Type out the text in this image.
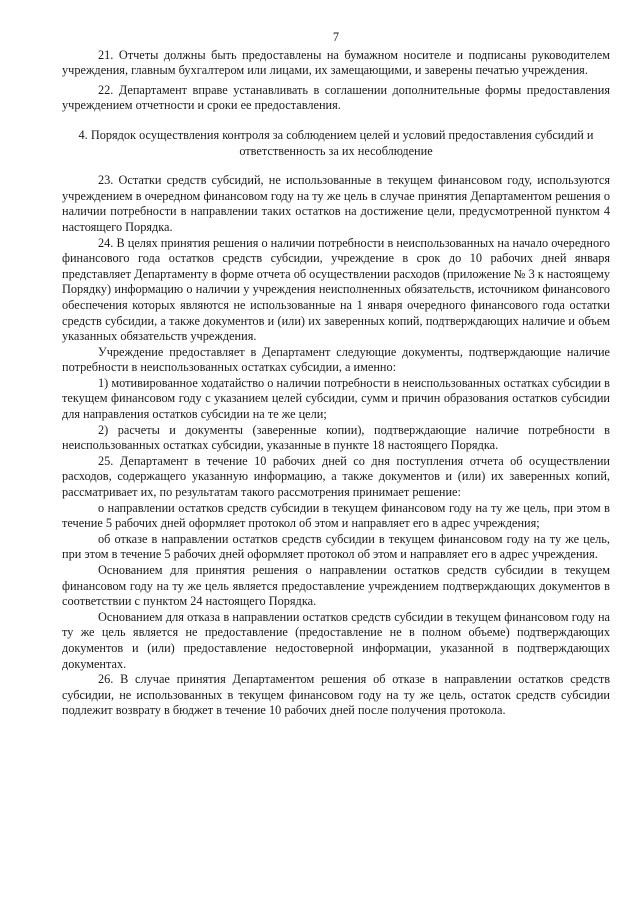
7

21. Отчеты должны быть предоставлены на бумажном носителе и подписаны руководителем учреждения, главным бухгалтером или лицами, их замещающими, и заверены печатью учреждения.

22. Департамент вправе устанавливать в соглашении дополнительные формы предоставления учреждением отчетности и сроки ее предоставления.

4. Порядок осуществления контроля за соблюдением целей и условий предоставления субсидий и ответственность за их несоблюдение

23. Остатки средств субсидий, не использованные в текущем финансовом году, используются учреждением в очередном финансовом году на ту же цель в случае принятия Департаментом решения о наличии потребности в направлении таких остатков на достижение цели, предусмотренной пунктом 4 настоящего Порядка.

24. В целях принятия решения о наличии потребности в неиспользованных на начало очередного финансового года остатков средств субсидии, учреждение в срок до 10 рабочих дней января представляет Департаменту в форме отчета об осуществлении расходов (приложение № 3 к настоящему Порядку) информацию о наличии у учреждения неисполненных обязательств, источником финансового обеспечения которых являются не использованные на 1 января очередного финансового года остатки средств субсидии, а также документов и (или) их заверенных копий, подтверждающих наличие и объем указанных обязательств учреждения.

Учреждение предоставляет в Департамент следующие документы, подтверждающие наличие потребности в неиспользованных остатках субсидии, а именно:

1) мотивированное ходатайство о наличии потребности в неиспользованных остатках субсидии в текущем финансовом году с указанием целей субсидии, сумм и причин образования остатков субсидии для направления остатков субсидии на те же цели;

2) расчеты и документы (заверенные копии), подтверждающие наличие потребности в неиспользованных остатках субсидии, указанные в пункте 18 настоящего Порядка.

25. Департамент в течение 10 рабочих дней со дня поступления отчета об осуществлении расходов, содержащего указанную информацию, а также документов и (или) их заверенных копий, рассматривает их, по результатам такого рассмотрения принимает решение:

о направлении остатков средств субсидии в текущем финансовом году на ту же цель, при этом в течение 5 рабочих дней оформляет протокол об этом и направляет его в адрес учреждения;

об отказе в направлении остатков средств субсидии в текущем финансовом году на ту же цель, при этом в течение 5 рабочих дней оформляет протокол об этом и направляет его в адрес учреждения.

Основанием для принятия решения о направлении остатков средств субсидии в текущем финансовом году на ту же цель является предоставление учреждением подтверждающих документов в соответствии с пунктом 24 настоящего Порядка.

Основанием для отказа в направлении остатков средств субсидии в текущем финансовом году на ту же цель является не предоставление (предоставление не в полном объеме) подтверждающих документов и (или) предоставление недостоверной информации, указанной в подтверждающих документах.

26. В случае принятия Департаментом решения об отказе в направлении остатков средств субсидии, не использованных в текущем финансовом году на ту же цель, остаток средств субсидии подлежит возврату в бюджет в течение 10 рабочих дней после получения протокола.
